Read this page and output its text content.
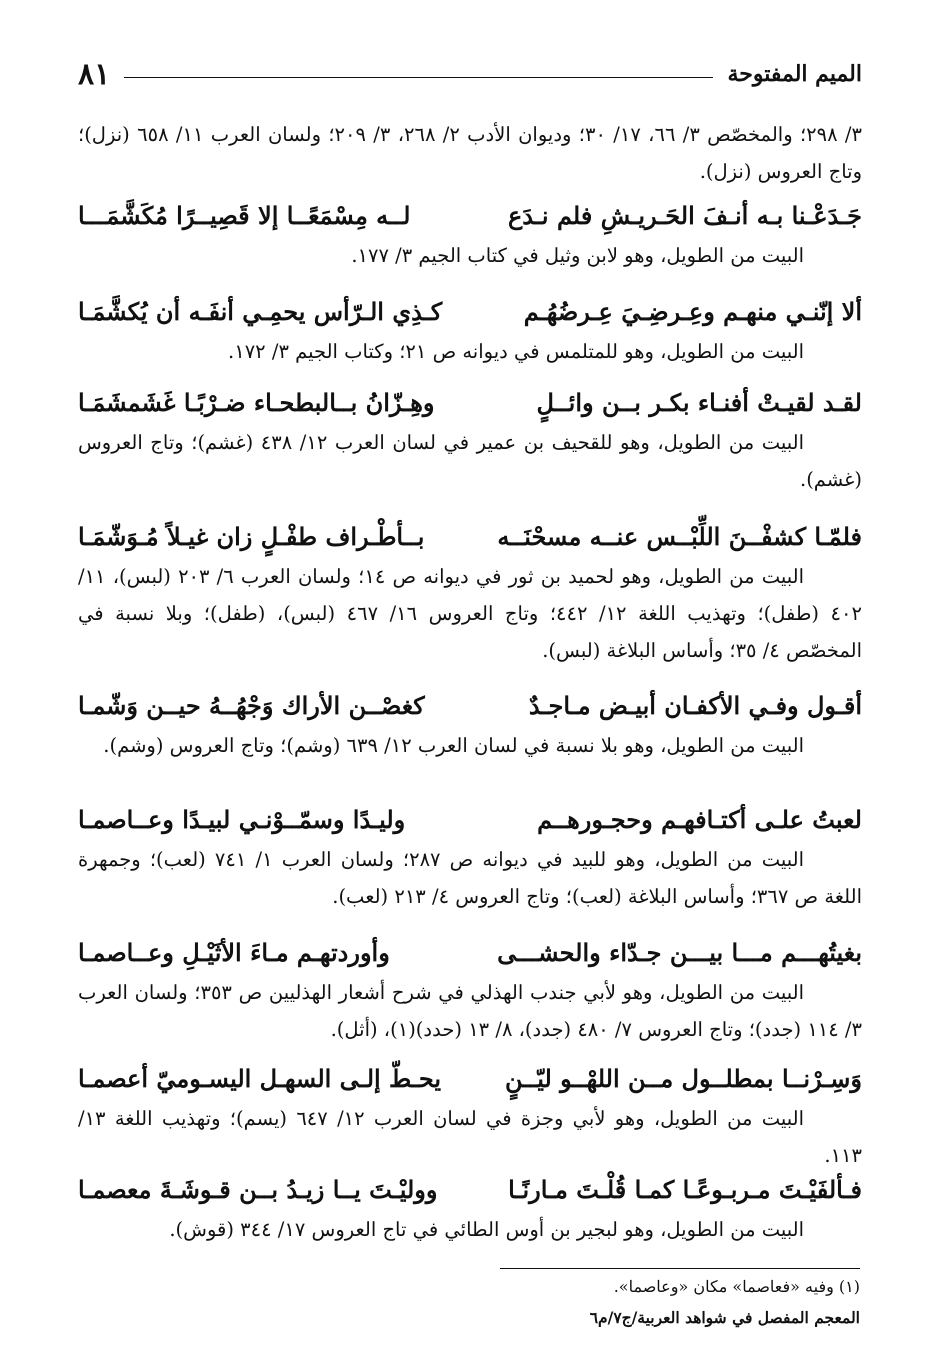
الميم المفتوحة
٨١
٣/ ٢٩٨؛ والمخصّص ٣/ ٦٦، ١٧/ ٣٠؛ وديوان الأدب ٢/ ٢٦٨، ٣/ ٢٠٩؛ ولسان العرب ١١/ ٦٥٨ (نزل)؛ وتاج العروس (نزل).
جَـدَعْـنا بـه أنـفَ الحَـريـشِ فلم نـدَع
لــه مِسْمَعًــا إلا قَصِيــرًا مُكَشَّمَـــا
البيت من الطويل، وهو لابن وثيل في كتاب الجيم ٣/ ١٧٧.
ألا إنّنـي منهـم وعِـرضِـيَ عِـرضُهُـم
كـذِي الـرّأس يحمِـي أنفَـه أن يُكشَّمَـا
البيت من الطويل، وهو للمتلمس في ديوانه ص ٢١؛ وكتاب الجيم ٣/ ١٧٢.
لقـد لقيـتْ أفنـاء بكـر بــن وائــلٍ
وهِـزّانُ بــالبطحـاء ضـرْبًـا غَشَمشَمَـا
البيت من الطويل، وهو للقحيف بن عمير في لسان العرب ١٢/ ٤٣٨ (غشم)؛ وتاج العروس (غشم).
فلمّـا كشفْــنَ اللِّبْــس عنــه مسحْنَــه
بــأطْـراف طفْـلٍ زان غيـلاً مُـوَشّمَـا
البيت من الطويل، وهو لحميد بن ثور في ديوانه ص ١٤؛ ولسان العرب ٦/ ٢٠٣ (لبس)، ١١/ ٤٠٢ (طفل)؛ وتهذيب اللغة ١٢/ ٤٤٢؛ وتاج العروس ١٦/ ٤٦٧ (لبس)، (طفل)؛ وبلا نسبة في المخصّص ٤/ ٣٥؛ وأساس البلاغة (لبس).
أقـول وفـي الأكفـان أبيـض مـاجـدٌ
كغصْــن الأراك وَجْهُــهُ حيــن وَشّمـا
البيت من الطويل، وهو بلا نسبة في لسان العرب ١٢/ ٦٣٩ (وشم)؛ وتاج العروس (وشم).
لعبتُ علـى أكتـافهـم وحجـورهــم
وليـدًا وسمّــوْنـي لبيـدًا وعــاصمـا
البيت من الطويل، وهو للبيد في ديوانه ص ٢٨٧؛ ولسان العرب ١/ ٧٤١ (لعب)؛ وجمهرة اللغة ص ٣٦٧؛ وأساس البلاغة (لعب)؛ وتاج العروس ٤/ ٢١٣ (لعب).
بغيتُهـــم مـــا بيـــن جـدّاء والحشـــى
وأوردتهـم مـاءَ الأثَيْـلِ وعــاصمـا
البيت من الطويل، وهو لأبي جندب الهذلي في شرح أشعار الهذليين ص ٣٥٣؛ ولسان العرب ٣/ ١١٤ (جدد)؛ وتاج العروس ٧/ ٤٨٠ (جدد)، ٨/ ١٣ (حدد)(١)، (أثل).
وَسِـرْنــا بمطلــول مــن اللهْــو ليّــنٍ
يحـطّ إلـى السهـل اليسـوميّ أعصمـا
البيت من الطويل، وهو لأبي وجزة في لسان العرب ١٢/ ٦٤٧ (يسم)؛ وتهذيب اللغة ١٣/ ١١٣.
فـألفَيْـتَ مـربـوعًـا كمـا قُلْـتَ مـارنًـا
ووليْـتَ يــا زيـدُ بــن قـوشَـةَ معصمـا
البيت من الطويل، وهو لبجير بن أوس الطائي في تاج العروس ١٧/ ٣٤٤ (قوش).
(١) وفيه «فعاصما» مكان «وعاصما».
المعجم المفصل في شواهد العربية/ج٧/م٦
